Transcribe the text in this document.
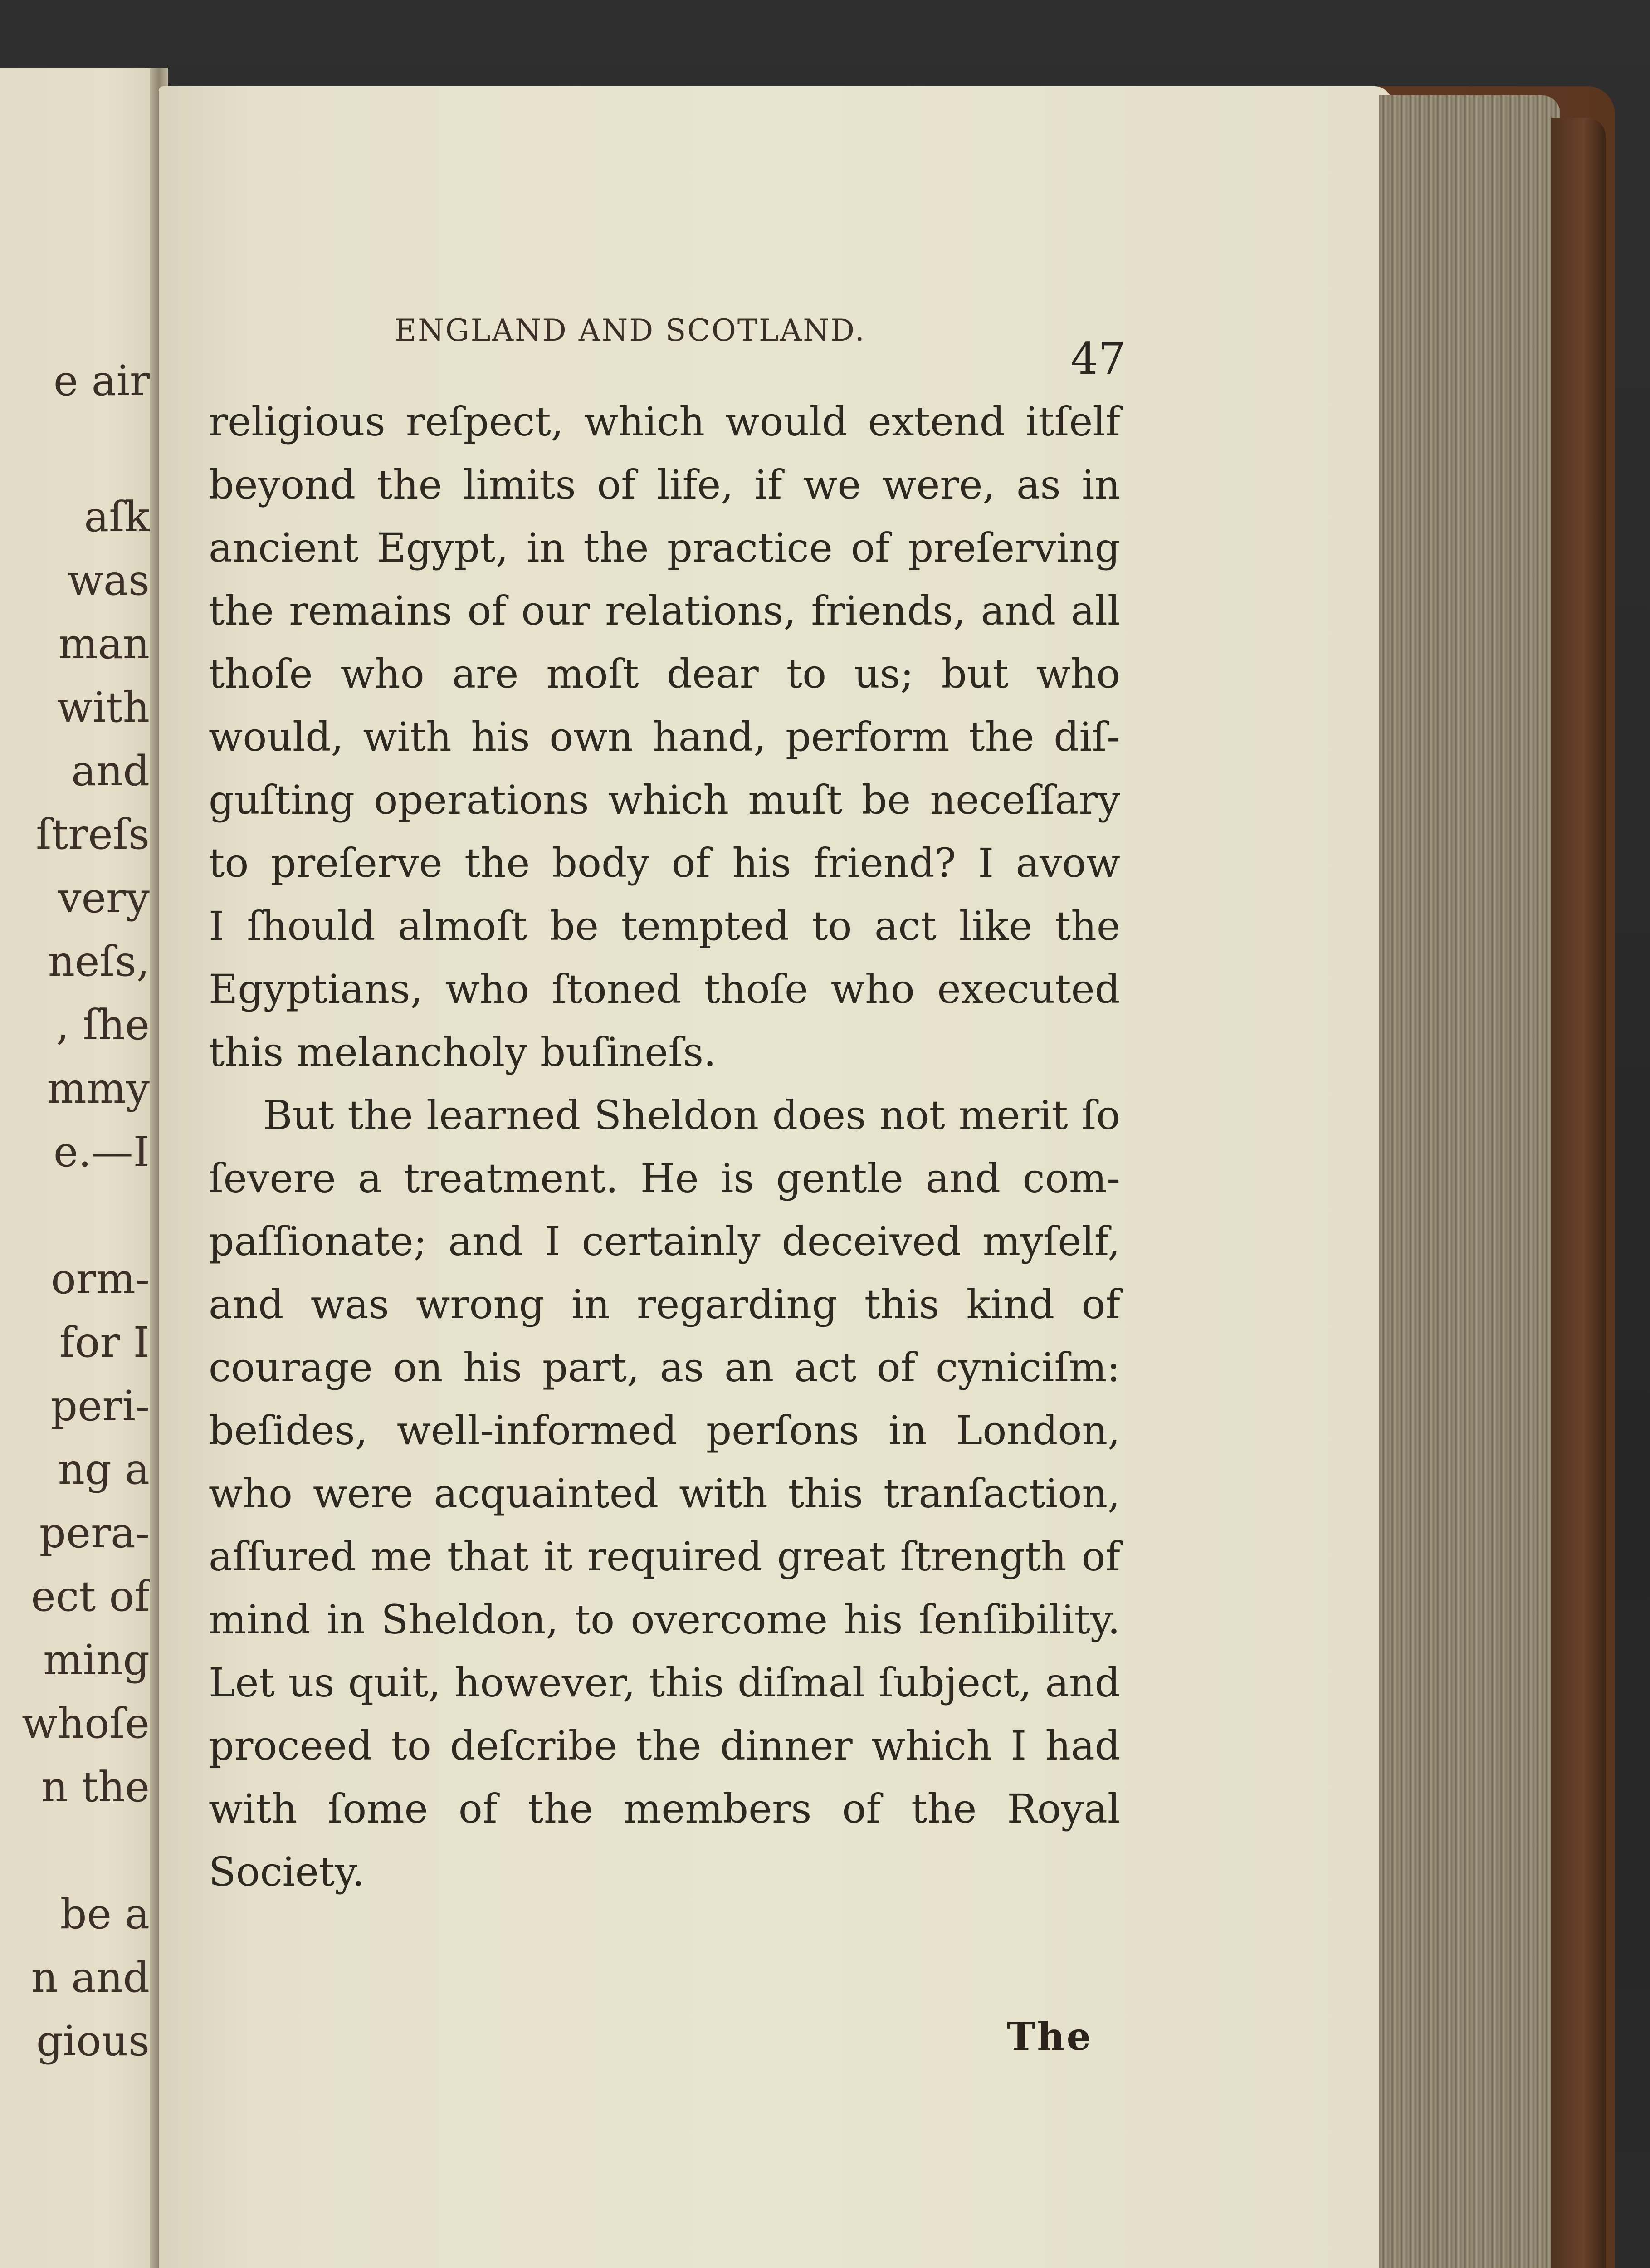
e air
aſk
was
man
with
and
ſtreſs
very
neſs,
, ſhe
mmy
e.—I
orm-
for I
peri-
ng a
pera-
ect of
ming
whoſe
n the
be a
n and
gious
ENGLAND AND SCOTLAND.
47
religious reſpect, which would extend itſelf
beyond the limits of life, if we were, as in
ancient Egypt, in the practice of preſerving
the remains of our relations, friends, and all
thoſe who are moſt dear to us; but who
would, with his own hand, perform the diſ-
guſting operations which muſt be neceſſary
to preſerve the body of his friend? I avow
I ſhould almoſt be tempted to act like the
Egyptians, who ſtoned thoſe who executed
this melancholy buſineſs.
But the learned Sheldon does not merit ſo
ſevere a treatment. He is gentle and com-
paſſionate; and I certainly deceived myſelf,
and was wrong in regarding this kind of
courage on his part, as an act of cyniciſm:
beſides, well-informed perſons in London,
who were acquainted with this tranſaction,
aſſured me that it required great ſtrength of
mind in Sheldon, to overcome his ſenſibility.
Let us quit, however, this diſmal ſubject, and
proceed to deſcribe the dinner which I had
with ſome of the members of the Royal
Society.
The
